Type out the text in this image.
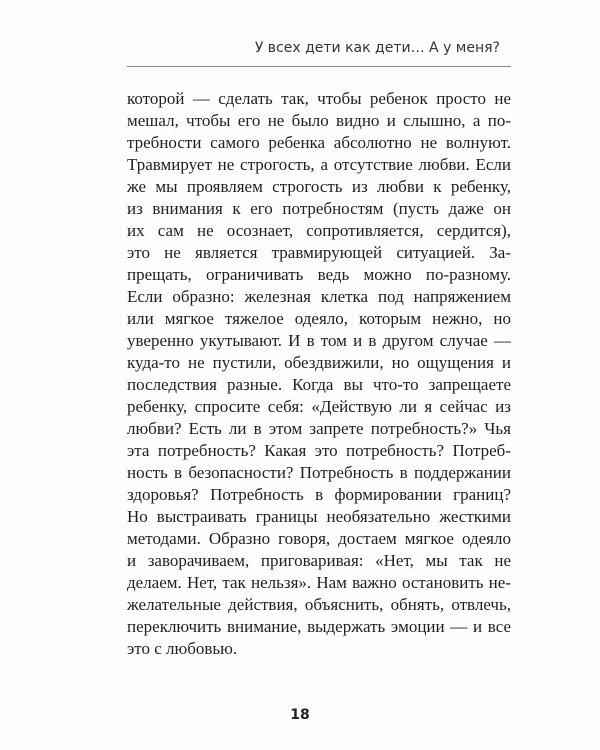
У всех дети как дети… А у меня?
которой — сделать так, чтобы ребенок просто не
мешал, чтобы его не было видно и слышно, а по-
требности самого ребенка абсолютно не волнуют.
Травмирует не строгость, а отсутствие любви. Если
же мы проявляем строгость из любви к ребенку,
из внимания к его потребностям (пусть даже он
их сам не осознает, сопротивляется, сердится),
это не является травмирующей ситуацией. За-
прещать, ограничивать ведь можно по-разному.
Если образно: железная клетка под напряжением
или мягкое тяжелое одеяло, которым нежно, но
уверенно укутывают. И в том и в другом случае —
куда-то не пустили, обездвижили, но ощущения и
последствия разные. Когда вы что-то запрещаете
ребенку, спросите себя: «Действую ли я сейчас из
любви? Есть ли в этом запрете потребность?» Чья
эта потребность? Какая это потребность? Потреб-
ность в безопасности? Потребность в поддержании
здоровья? Потребность в формировании границ?
Но выстраивать границы необязательно жесткими
методами. Образно говоря, достаем мягкое одеяло
и заворачиваем, приговаривая: «Нет, мы так не
делаем. Нет, так нельзя». Нам важно остановить не-
желательные действия, объяснить, обнять, отвлечь,
переключить внимание, выдержать эмоции — и все
это с любовью.
18
